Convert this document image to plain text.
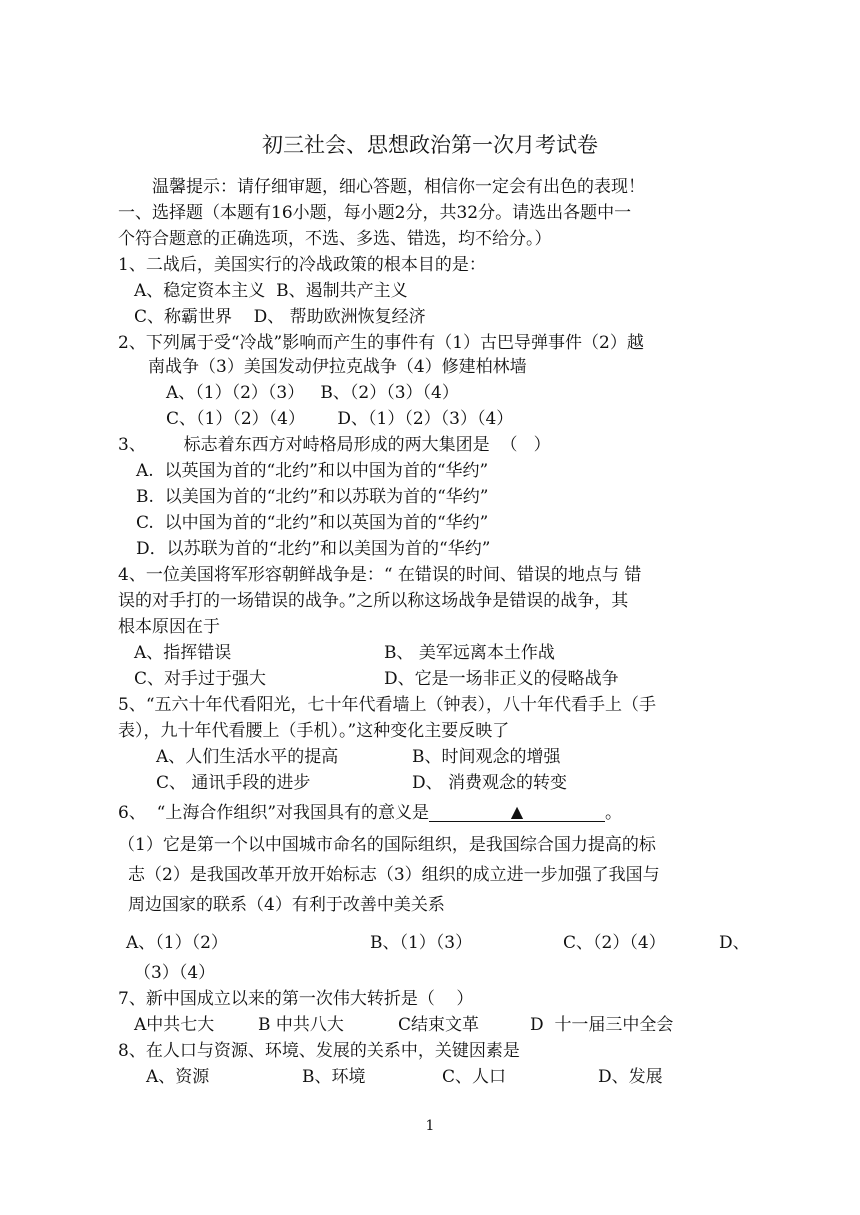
初三社会、思想政治第一次月考试卷
温馨提示：请仔细审题，细心答题，相信你一定会有出色的表现！
一、选择题（本题有16小题，每小题2分，共32分。请选出各题中一
个符合题意的正确选项，不选、多选、错选，均不给分。）
1、二战后，美国实行的冷战政策的根本目的是：
A、稳定资本主义  B、遏制共产主义
C、称霸世界    D、 帮助欧洲恢复经济
2、下列属于受“冷战”影响而产生的事件有（1）古巴导弹事件（2）越
南战争（3）美国发动伊拉克战争（4）修建柏林墙
A、（1）（2）（3）   B、（2）（3）（4）
C、（1）（2）（4）      D、（1）（2）（3）（4）
3、       标志着东西方对峙格局形成的两大集团是  （   ）
A.  以英国为首的“北约”和以中国为首的“华约”
B.  以美国为首的“北约”和以苏联为首的“华约”
C.  以中国为首的“北约”和以英国为首的“华约”
D．以苏联为首的“北约”和以美国为首的“华约”
4、一位美国将军形容朝鲜战争是：“ 在错误的时间、错误的地点与 错
误的对手打的一场错误的战争。”之所以称这场战争是错误的战争，其
根本原因在于
A、指挥错误	B、 美军远离本土作战
C、对手过于强大	D、它是一场非正义的侵略战争
5、“五六十年代看阳光，七十年代看墙上（钟表），八十年代看手上（手
表），九十年代看腰上（手机）。”这种变化主要反映了
A、人们生活水平的提高	B、时间观念的增强
C、 通讯手段的进步	D、 消费观念的转变
6、  “上海合作组织”对我国具有的意义是	▲	。
（1）它是第一个以中国城市命名的国际组织，是我国综合国力提高的标
志（2）是我国改革开放开始标志（3）组织的成立进一步加强了我国与
周边国家的联系（4）有利于改善中美关系
A、（1）（2）	B、（1）（3）	C、（2）（4）	D、
（3）（4）
7、新中国成立以来的第一次伟大转折是（    ）
A中共七大	B 中共八大	C结束文革	D  十一届三中全会
8、在人口与资源、环境、发展的关系中，关键因素是
A、资源	B、环境	C、人口	D、发展
1
